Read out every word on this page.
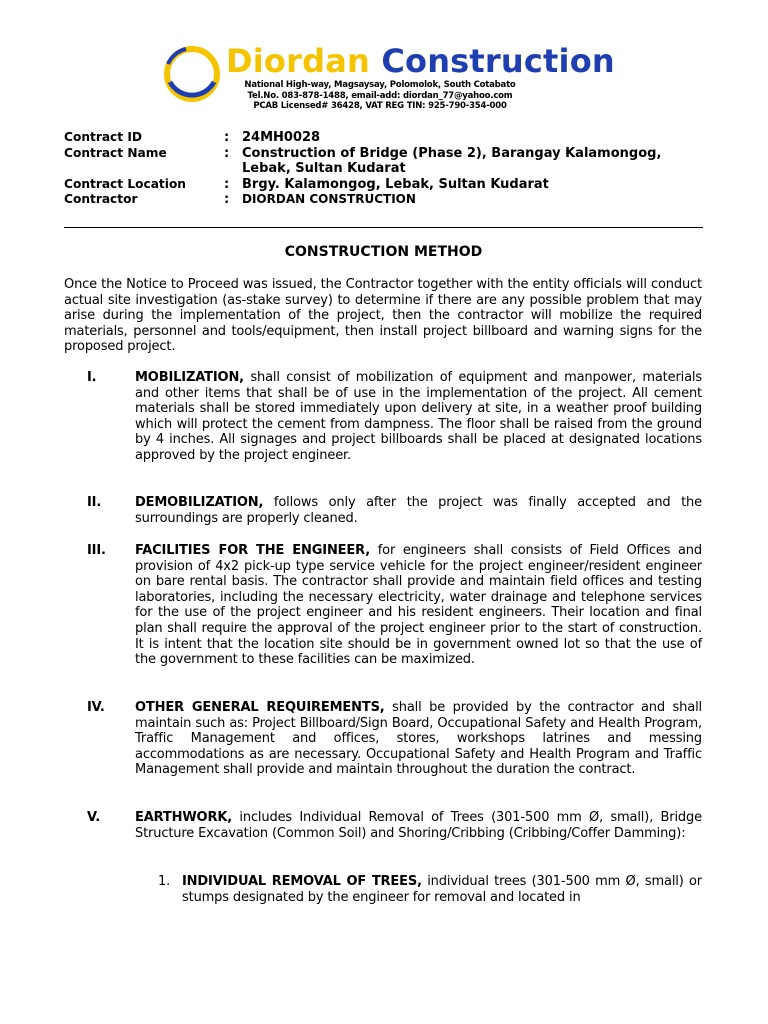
Diordan Construction
National High-way, Magsaysay, Polomolok, South Cotabato
Tel.No. 083-878-1488, email-add: diordan_77@yahoo.com
PCAB Licensed# 36428, VAT REG TIN: 925-790-354-000
Contract ID	: 24MH0028
Contract Name	: Construction of Bridge (Phase 2), Barangay Kalamongog, Lebak, Sultan Kudarat
Contract Location	: Brgy. Kalamongog, Lebak, Sultan Kudarat
Contractor	:	DIORDAN CONSTRUCTION
CONSTRUCTION METHOD
Once the Notice to Proceed was issued, the Contractor together with the entity officials will conduct actual site investigation (as-stake survey) to determine if there are any possible problem that may arise during the implementation of the project, then the contractor will mobilize the required materials, personnel and tools/equipment, then install project billboard and warning signs for the proposed project.
I.	MOBILIZATION, shall consist of mobilization of equipment and manpower, materials and other items that shall be of use in the implementation of the project. All cement materials shall be stored immediately upon delivery at site, in a weather proof building which will protect the cement from dampness. The floor shall be raised from the ground by 4 inches. All signages and project billboards shall be placed at designated locations approved by the project engineer.
II.	DEMOBILIZATION, follows only after the project was finally accepted and the surroundings are properly cleaned.
III.	FACILITIES FOR THE ENGINEER, for engineers shall consists of Field Offices and provision of 4x2 pick-up type service vehicle for the project engineer/resident engineer on bare rental basis. The contractor shall provide and maintain field offices and testing laboratories, including the necessary electricity, water drainage and telephone services for the use of the project engineer and his resident engineers. Their location and final plan shall require the approval of the project engineer prior to the start of construction. It is intent that the location site should be in government owned lot so that the use of the government to these facilities can be maximized.
IV.	OTHER GENERAL REQUIREMENTS, shall be provided by the contractor and shall maintain such as: Project Billboard/Sign Board, Occupational Safety and Health Program, Traffic Management and offices, stores, workshops latrines and messing accommodations as are necessary. Occupational Safety and Health Program and Traffic Management shall provide and maintain throughout the duration the contract.
V.	EARTHWORK, includes Individual Removal of Trees (301-500 mm Ø, small), Bridge Structure Excavation (Common Soil) and Shoring/Cribbing (Cribbing/Coffer Damming):
1. INDIVIDUAL REMOVAL OF TREES, individual trees (301-500 mm Ø, small) or stumps designated by the engineer for removal and located in
